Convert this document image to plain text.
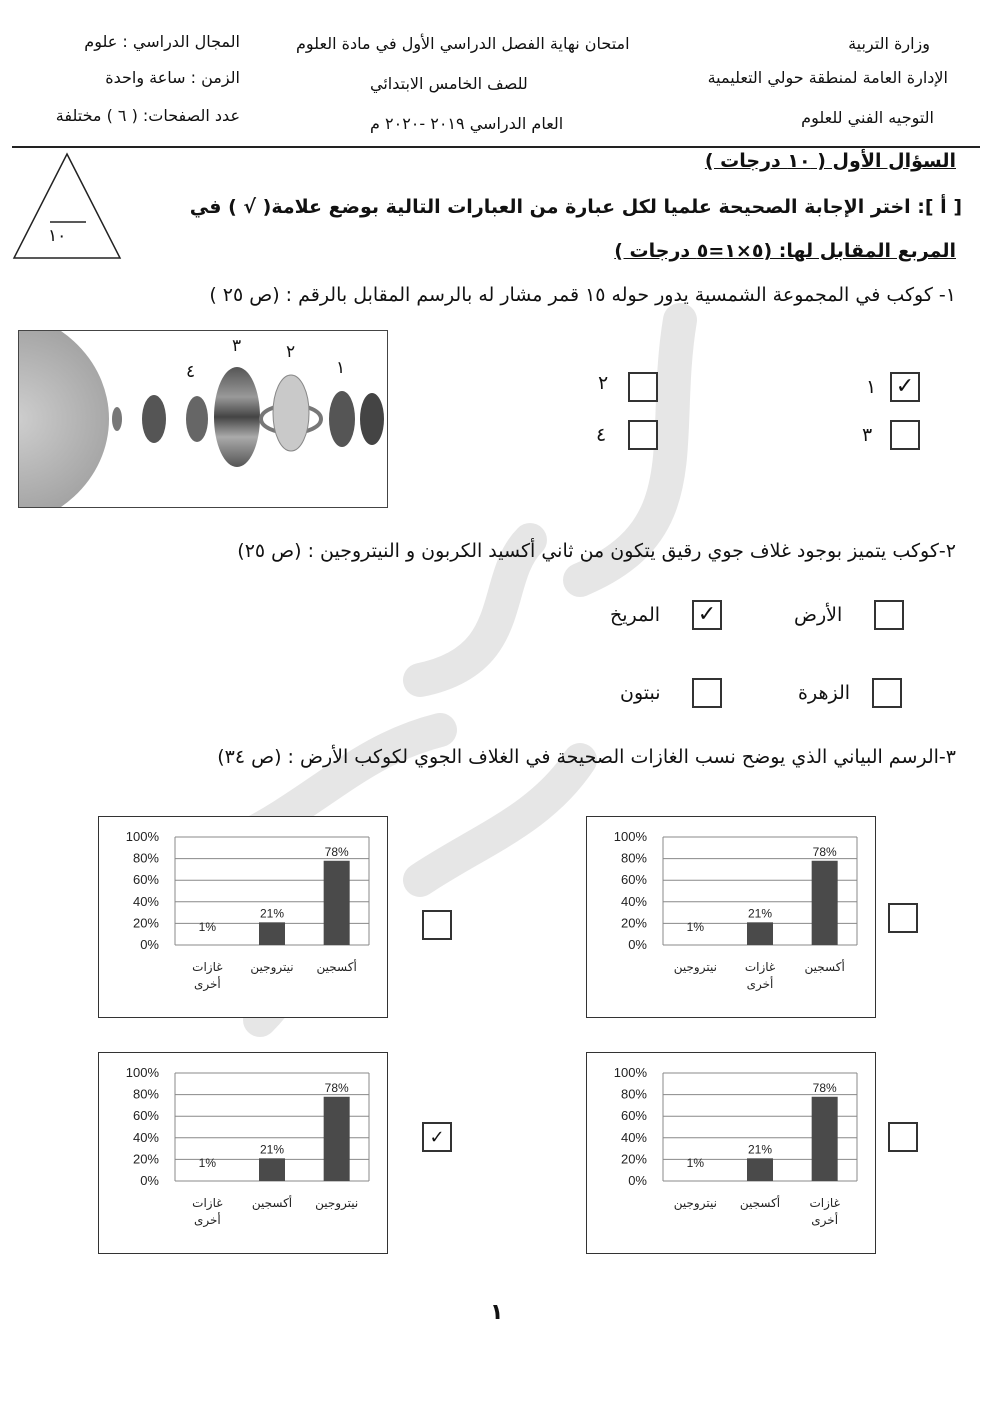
وزارة التربية
الإدارة العامة لمنطقة حولي التعليمية
التوجيه الفني للعلوم
امتحان نهاية الفصل الدراسي الأول في مادة العلوم
للصف الخامس الابتدائي
العام الدراسي ٢٠١٩ -٢٠٢٠ م
المجال الدراسي : علوم
الزمن : ساعة واحدة
عدد الصفحات: ( ٦ ) مختلفة
١٠
السؤال الأول ( ١٠ درجات )
[ أ ]: اختر الإجابة الصحيحة علميا لكل عبارة من العبارات التالية بوضع علامة( √ ) في
المربع المقابل لها: (٥×١=٥ درجات )
١- كوكب في المجموعة الشمسية يدور حوله ١٥ قمر مشار له بالرسم المقابل بالرقم : (ص ٢٥ )
٣	٢
١
٤
١ ✓
٢
٣
٤
٢-كوكب يتميز بوجود غلاف جوي رقيق يتكون من ثاني أكسيد الكربون و النيتروجين : (ص ٢٥)
الأرض
المريخ ✓
الزهرة
نبتون
٣-الرسم البياني الذي يوضح نسب الغازات الصحيحة في الغلاف الجوي لكوكب الأرض : (ص ٣٤)
0%
20%
40%
60%
80%
100%
78%
أكسجين
21%
غازات
أخرى
1%
نيتروجين
0%
20%
40%
60%
80%
100%
78%
أكسجين
21%
نيتروجين
1%
غازات
أخرى
0%
20%
40%
60%
80%
100%
78%
غازات
أخرى
21%
أكسجين
1%
نيتروجين
0%
20%
40%
60%
80%
100%
78%
نيتروجين
21%
أكسجين
1%
غازات
أخرى
✓
١
